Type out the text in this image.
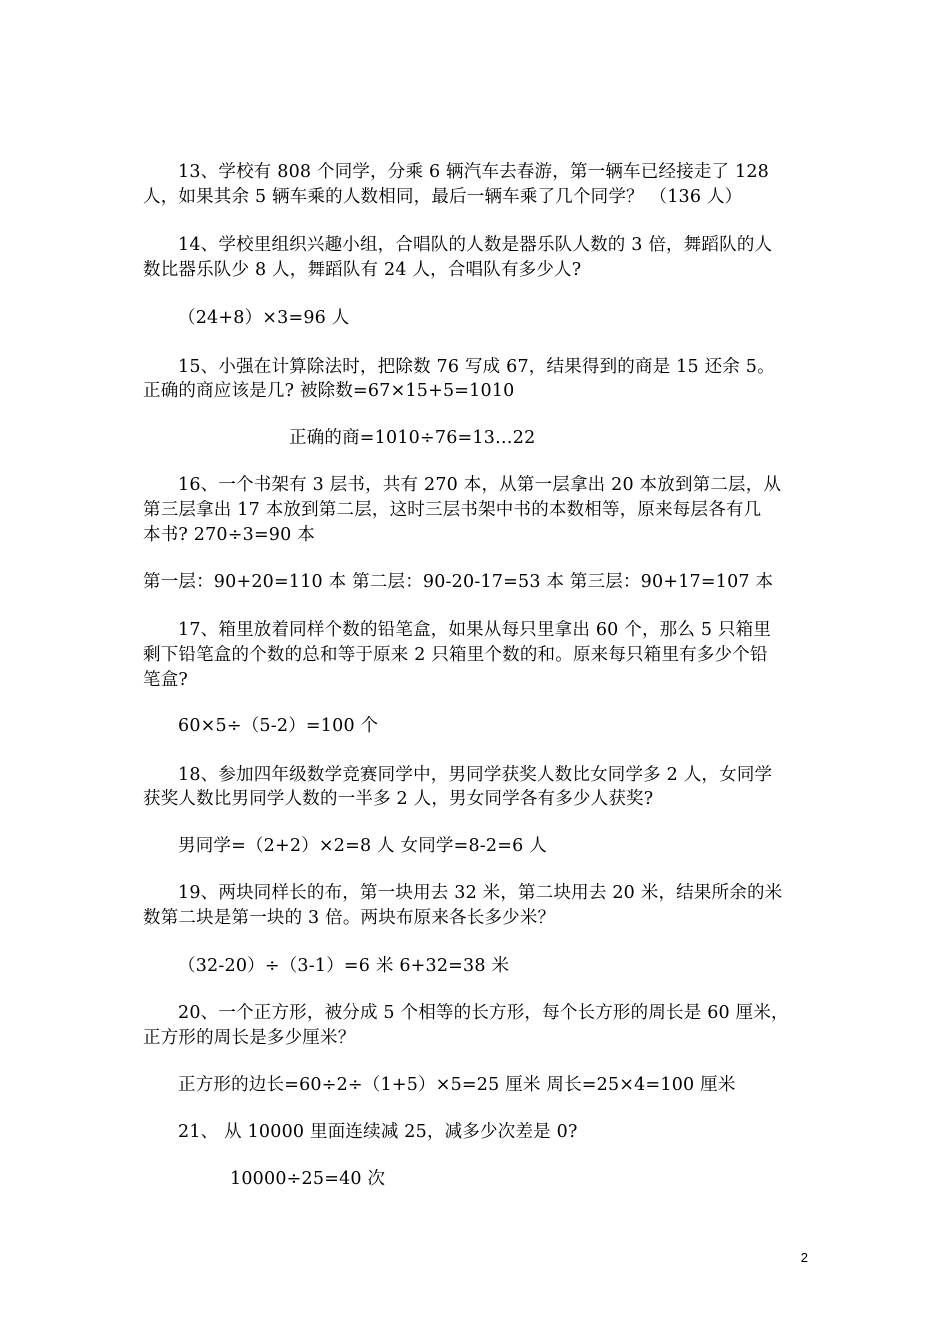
13、学校有 808 个同学，分乘 6 辆汽车去春游，第一辆车已经接走了 128
人，如果其余 5 辆车乘的人数相同，最后一辆车乘了几个同学？ （136 人）
14、学校里组织兴趣小组，合唱队的人数是器乐队人数的 3 倍，舞蹈队的人
数比器乐队少 8 人，舞蹈队有 24 人，合唱队有多少人?
（24+8）×3=96 人
15、小强在计算除法时，把除数 76 写成 67，结果得到的商是 15 还余 5。
正确的商应该是几? 被除数=67×15+5=1010
正确的商=1010÷76=13…22
16、一个书架有 3 层书，共有 270 本，从第一层拿出 20 本放到第二层，从
第三层拿出 17 本放到第二层，这时三层书架中书的本数相等，原来每层各有几
本书? 270÷3=90 本
第一层：90+20=110 本 第二层：90-20-17=53 本 第三层：90+17=107 本
17、箱里放着同样个数的铅笔盒，如果从每只里拿出 60 个，那么 5 只箱里
剩下铅笔盒的个数的总和等于原来 2 只箱里个数的和。原来每只箱里有多少个铅
笔盒?
60×5÷（5-2）=100 个
18、参加四年级数学竞赛同学中，男同学获奖人数比女同学多 2 人，女同学
获奖人数比男同学人数的一半多 2 人，男女同学各有多少人获奖?
男同学=（2+2）×2=8 人 女同学=8-2=6 人
19、两块同样长的布，第一块用去 32 米，第二块用去 20 米，结果所余的米
数第二块是第一块的 3 倍。两块布原来各长多少米？
（32-20）÷（3-1）=6 米 6+32=38 米
20、一个正方形，被分成 5 个相等的长方形，每个长方形的周长是 60 厘米，
正方形的周长是多少厘米？
正方形的边长=60÷2÷（1+5）×5=25 厘米 周长=25×4=100 厘米
21、 从 10000 里面连续减 25，减多少次差是 0?
10000÷25=40 次
2
